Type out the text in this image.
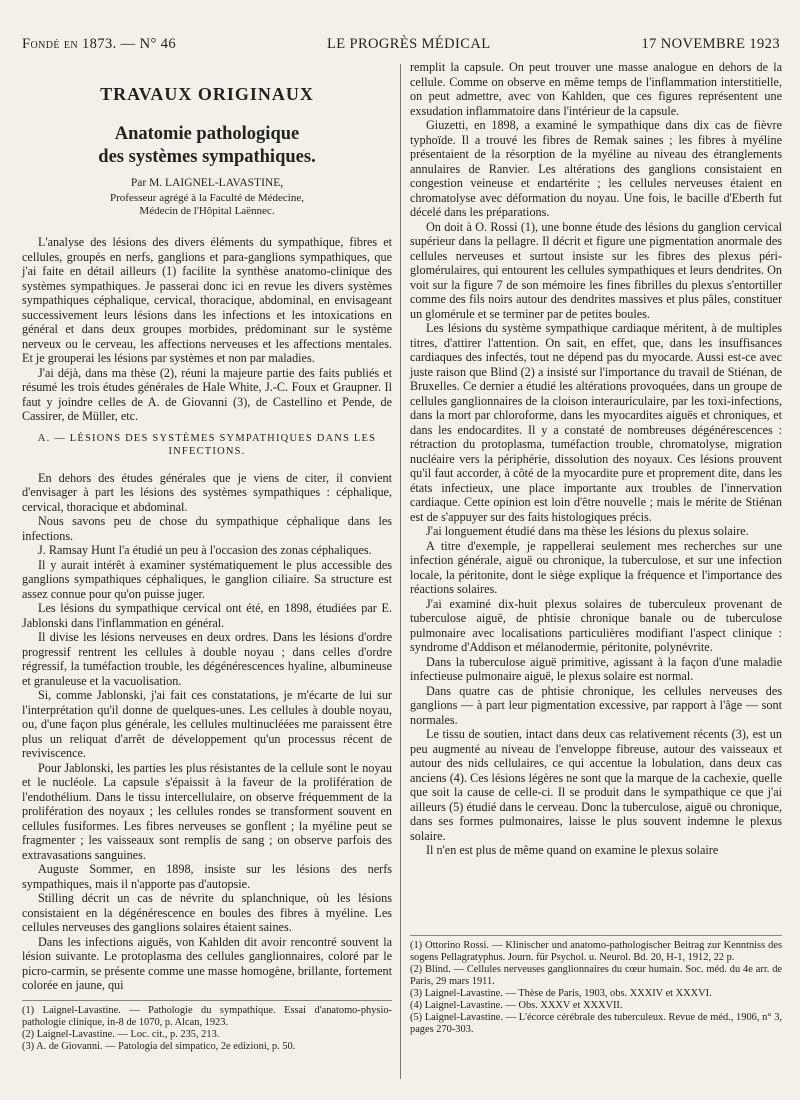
Fondé en 1873. — N° 46	LE PROGRÈS MÉDICAL	17 NOVEMBRE 1923
TRAVAUX ORIGINAUX
Anatomie pathologique
des systèmes sympathiques.
Par M. LAIGNEL-LAVASTINE,
Professeur agrégé à la Faculté de Médecine,
Médecin de l'Hôpital Laënnec.

L'analyse des lésions des divers éléments du sympathique, fibres et cellules, groupés en nerfs, ganglions et para-ganglions sympathiques, que j'ai faite en détail ailleurs (1) facilite la synthèse anatomo-clinique des systèmes sympathiques. Je passerai donc ici en revue les divers systèmes sympathiques céphalique, cervical, thoracique, abdominal, en envisageant successivement leurs lésions dans les infections et les intoxications en général et dans deux groupes morbides, prédominant sur le système nerveux ou le cerveau, les affections nerveuses et les affections mentales. Et je grouperai les lésions par systèmes et non par maladies.

J'ai déjà, dans ma thèse (2), réuni la majeure partie des faits publiés et résumé les trois études générales de Hale White, J.-C. Foux et Graupner. Il faut y joindre celles de A. de Giovanni (3), de Castellino et Pende, de Cassirer, de Müller, etc.

A. — LÉSIONS DES SYSTÈMES SYMPATHIQUES DANS LES INFECTIONS.

En dehors des études générales que je viens de citer, il convient d'envisager à part les lésions des systèmes sympathiques : céphalique, cervical, thoracique et abdominal.

Nous savons peu de chose du sympathique céphalique dans les infections.

J. Ramsay Hunt l'a étudié un peu à l'occasion des zonas céphaliques.

Il y aurait intérêt à examiner systématiquement le plus accessible des ganglions sympathiques céphaliques, le ganglion ciliaire. Sa structure est assez connue pour qu'on puisse juger.

Les lésions du sympathique cervical ont été, en 1898, étudiées par E. Jablonski dans l'inflammation en général.

Il divise les lésions nerveuses en deux ordres. Dans les lésions d'ordre progressif rentrent les cellules à double noyau ; dans celles d'ordre régressif, la tuméfaction trouble, les dégénérescences hyaline, albumineuse et granuleuse et la vacuolisation.

Si, comme Jablonski, j'ai fait ces constatations, je m'écarte de lui sur l'interprétation qu'il donne de quelques-unes. Les cellules à double noyau, ou, d'une façon plus générale, les cellules multinucléées me paraissent être plus un reliquat d'arrêt de développement qu'un processus récent de reviviscence.

Pour Jablonski, les parties les plus résistantes de la cellule sont le noyau et le nucléole. La capsule s'épaissit à la faveur de la prolifération de l'endothélium. Dans le tissu intercellulaire, on observe fréquemment de la prolifération des noyaux ; les cellules rondes se transforment souvent en cellules fusiformes. Les fibres nerveuses se gonflent ; la myéline peut se fragmenter ; les vaisseaux sont remplis de sang ; on observe parfois des extravasations sanguines.

Auguste Sommer, en 1898, insiste sur les lésions des nerfs sympathiques, mais il n'apporte pas d'autopsie.

Stilling décrit un cas de névrite du splanchnique, où les lésions consistaient en la dégénérescence en boules des fibres à myéline. Les cellules nerveuses des ganglions solaires étaient saines.

Dans les infections aiguës, von Kahlden dit avoir rencontré souvent la lésion suivante. Le protoplasma des cellules ganglionnaires, coloré par le picro-carmin, se présente comme une masse homogène, brillante, fortement colorée en jaune, qui

(1) Laignel-Lavastine. — Pathologie du sympathique. Essai d'anatomo-physio-pathologie clinique, in-8 de 1070, p. Alcan, 1923.
(2) Laignel-Lavastine. — Loc. cit., p. 235, 213.
(3) A. de Giovanni. — Patologia del simpatico, 2e edizioni, p. 50.

remplit la capsule. On peut trouver une masse analogue en dehors de la cellule. Comme on observe en même temps de l'inflammation interstitielle, on peut admettre, avec von Kahlden, que ces figures représentent une exsudation inflammatoire dans l'intérieur de la capsule.

Giuzetti, en 1898, a examiné le sympathique dans dix cas de fièvre typhoïde. Il a trouvé les fibres de Remak saines ; les fibres à myéline présentaient de la résorption de la myéline au niveau des étranglements annulaires de Ranvier. Les altérations des ganglions consistaient en congestion veineuse et endartérite ; les cellules nerveuses étaient en chromatolyse avec déformation du noyau. Une fois, le bacille d'Eberth fut décelé dans les préparations.

On doit à O. Rossi (1), une bonne étude des lésions du ganglion cervical supérieur dans la pellagre. Il décrit et figure une pigmentation anormale des cellules nerveuses et surtout insiste sur les fibres des plexus péri-glomérulaires, qui entourent les cellules sympathiques et leurs dendrites. On voit sur la figure 7 de son mémoire les fines fibrilles du plexus s'entortiller comme des fils noirs autour des dendrites massives et plus pâles, constituer un glomérule et se terminer par de petites boules.

Les lésions du système sympathique cardiaque méritent, à de multiples titres, d'attirer l'attention. On sait, en effet, que, dans les insuffisances cardiaques des infectés, tout ne dépend pas du myocarde. Aussi est-ce avec juste raison que Blind (2) a insisté sur l'importance du travail de Stiénan, de Bruxelles. Ce dernier a étudié les altérations provoquées, dans un groupe de cellules ganglionnaires de la cloison interauriculaire, par les toxi-infections, dans la mort par chloroforme, dans les myocardites aiguës et chroniques, et dans les endocardites. Il y a constaté de nombreuses dégénérescences : rétraction du protoplasma, tuméfaction trouble, chromatolyse, migration nucléaire vers la périphérie, dissolution des noyaux. Ces lésions prouvent qu'il faut accorder, à côté de la myocardite pure et proprement dite, dans les états infectieux, une place importante aux troubles de l'innervation cardiaque. Cette opinion est loin d'être nouvelle ; mais le mérite de Stiénan est de s'appuyer sur des faits histologiques précis.

J'ai longuement étudié dans ma thèse les lésions du plexus solaire.

A titre d'exemple, je rappellerai seulement mes recherches sur une infection générale, aiguë ou chronique, la tuberculose, et sur une infection locale, la péritonite, dont le siège explique la fréquence et l'importance des réactions solaires.

J'ai examiné dix-huit plexus solaires de tuberculeux provenant de tuberculose aiguë, de phtisie chronique banale ou de tuberculose pulmonaire avec localisations particulières modifiant l'aspect clinique : syndrome d'Addison et mélanodermie, péritonite, polynévrite.

Dans la tuberculose aiguë primitive, agissant à la façon d'une maladie infectieuse pulmonaire aiguë, le plexus solaire est normal.

Dans quatre cas de phtisie chronique, les cellules nerveuses des ganglions — à part leur pigmentation excessive, par rapport à l'âge — sont normales.

Le tissu de soutien, intact dans deux cas relativement récents (3), est un peu augmenté au niveau de l'enveloppe fibreuse, autour des vaisseaux et autour des nids cellulaires, ce qui accentue la lobulation, dans deux cas anciens (4). Ces lésions légères ne sont que la marque de la cachexie, quelle que soit la cause de celle-ci. Il se produit dans le sympathique ce que j'ai ailleurs (5) étudié dans le cerveau. Donc la tuberculose, aiguë ou chronique, dans ses formes pulmonaires, laisse le plus souvent indemne le plexus solaire.

Il n'en est plus de même quand on examine le plexus solaire

(1) Ottorino Rossi. — Klinischer und anatomo-pathologischer Beitrag zur Kenntniss des sogens Pellagratyphus. Journ. für Psychol. u. Neurol. Bd. 20, H-1, 1912, 22 p.
(2) Blind. — Cellules nerveuses ganglionnaires du cœur humain. Soc. méd. du 4e arr. de Paris, 29 mars 1911.
(3) Laignel-Lavastine. — Thèse de Paris, 1903, obs. XXXIV et XXXVI.
(4) Laignel-Lavastine. — Obs. XXXV et XXXVII.
(5) Laignel-Lavastine. — L'écorce cérébrale des tuberculeux. Revue de méd., 1906, n° 3, pages 270-303.
